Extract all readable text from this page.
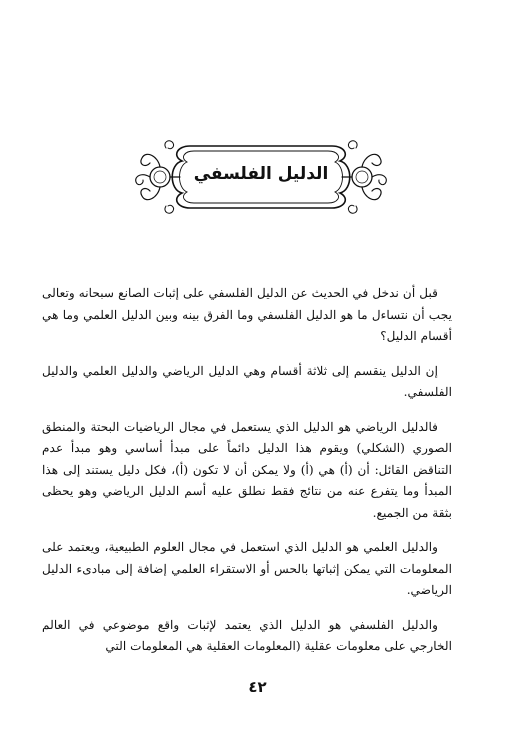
الدليل الفلسفي

قبل أن ندخل في الحديث عن الدليل الفلسفي على إثبات الصانع سبحانه وتعالى يجب أن نتساءل ما هو الدليل الفلسفي وما الفرق بينه وبين الدليل العلمي وما هي أقسام الدليل؟

إن الدليل ينقسم إلى ثلاثة أقسام وهي الدليل الرياضي والدليل العلمي والدليل الفلسفي.

فالدليل الرياضي هو الدليل الذي يستعمل في مجال الرياضيات البحتة والمنطق الصوري (الشكلي) ويقوم هذا الدليل دائماً على مبدأ أساسي وهو مبدأ عدم التناقض القائل: أن (أ) هي (أ) ولا يمكن أن لا تكون (أ)، فكل دليل يستند إلى هذا المبدأ وما يتفرع عنه من نتائج فقط نطلق عليه أسم الدليل الرياضي وهو يحظى بثقة من الجميع.

والدليل العلمي هو الدليل الذي استعمل في مجال العلوم الطبيعية، ويعتمد على المعلومات التي يمكن إثباتها بالحس أو الاستقراء العلمي إضافة إلى مبادىء الدليل الرياضي.

والدليل الفلسفي هو الدليل الذي يعتمد لإثبات واقع موضوعي في العالم الخارجي على معلومات عقلية (المعلومات العقلية هي المعلومات التي

٤٢
